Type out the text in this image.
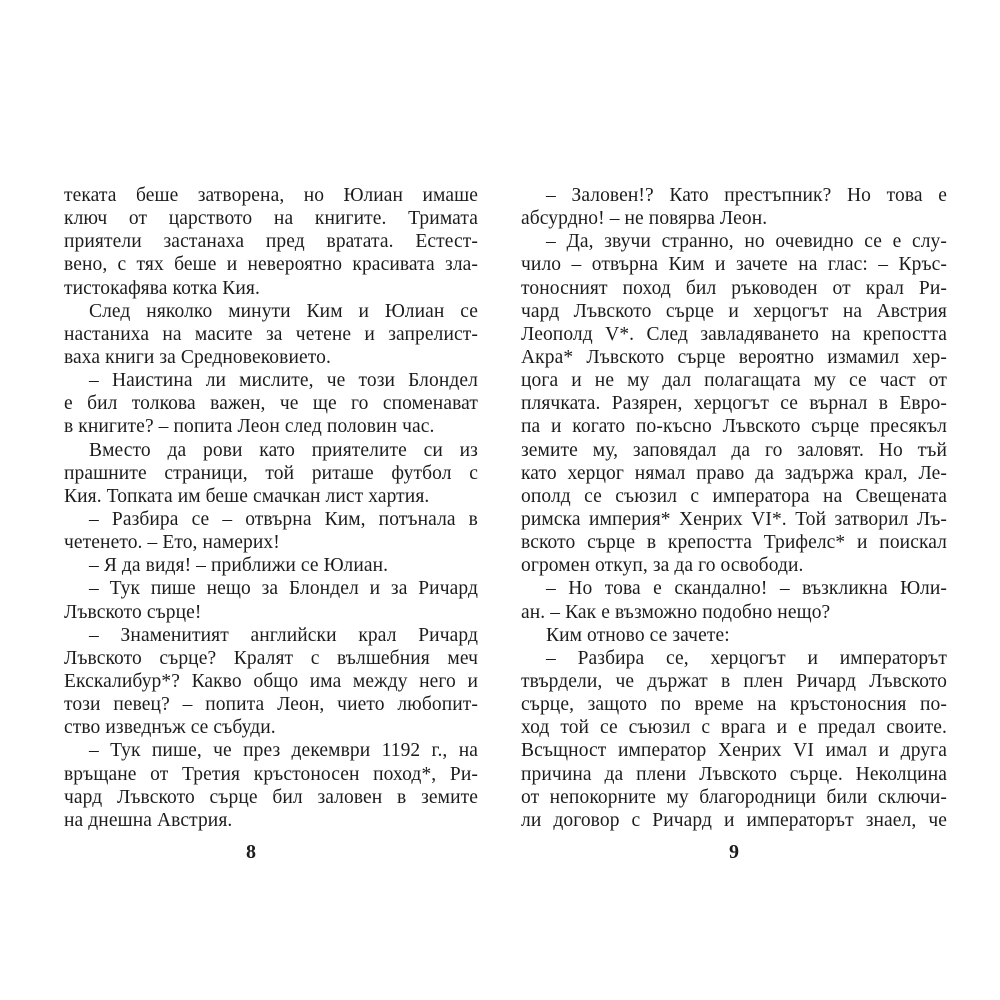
теката беше затворена, но Юлиан имаше
ключ от царството на книгите. Тримата
приятели застанаха пред вратата. Естест-
вено, с тях беше и невероятно красивата зла-
тистокафява котка Кия.
След няколко минути Ким и Юлиан се
настаниха на масите за четене и запрелист-
ваха книги за Средновековието.
– Наистина ли мислите, че този Блондел
е бил толкова важен, че ще го споменават
в книгите? – попита Леон след половин час.
Вместо да рови като приятелите си из
прашните страници, той риташе футбол с
Кия. Топката им беше смачкан лист хартия.
– Разбира се – отвърна Ким, потънала в
четенето. – Ето, намерих!
– Я да видя! – приближи се Юлиан.
– Тук пише нещо за Блондел и за Ричард
Лъвското сърце!
– Знаменитият английски крал Ричард
Лъвското сърце? Кралят с вълшебния меч
Екскалибур*? Какво общо има между него и
този певец? – попита Леон, чието любопит-
ство изведнъж се събуди.
– Тук пише, че през декември 1192 г., на
връщане от Третия кръстоносен поход*, Ри-
чард Лъвското сърце бил заловен в земите
на днешна Австрия.
– Заловен!? Като престъпник? Но това е
абсурдно! – не повярва Леон.
– Да, звучи странно, но очевидно се е слу-
чило – отвърна Ким и зачете на глас: – Кръс-
тоносният поход бил ръководен от крал Ри-
чард Лъвското сърце и херцогът на Австрия
Леополд V*. След завладяването на крепостта
Акра* Лъвското сърце вероятно измамил хер-
цога и не му дал полагащата му се част от
плячката. Разярен, херцогът се върнал в Евро-
па и когато по-късно Лъвското сърце пресякъл
земите му, заповядал да го заловят. Но тъй
като херцог нямал право да задържа крал, Ле-
ополд се съюзил с императора на Свещената
римска империя* Хенрих VI*. Той затворил Лъ-
вското сърце в крепостта Трифелс* и поискал
огромен откуп, за да го освободи.
– Но това е скандално! – възкликна Юли-
ан. – Как е възможно подобно нещо?
Ким отново се зачете:
– Разбира се, херцогът и императорът
твърдели, че държат в плен Ричард Лъвското
сърце, защото по време на кръстоносния по-
ход той се съюзил с врага и е предал своите.
Всъщност император Хенрих VI имал и друга
причина да плени Лъвското сърце. Неколцина
от непокорните му благородници били сключи-
ли договор с Ричард и императорът знаел, че
8	9
